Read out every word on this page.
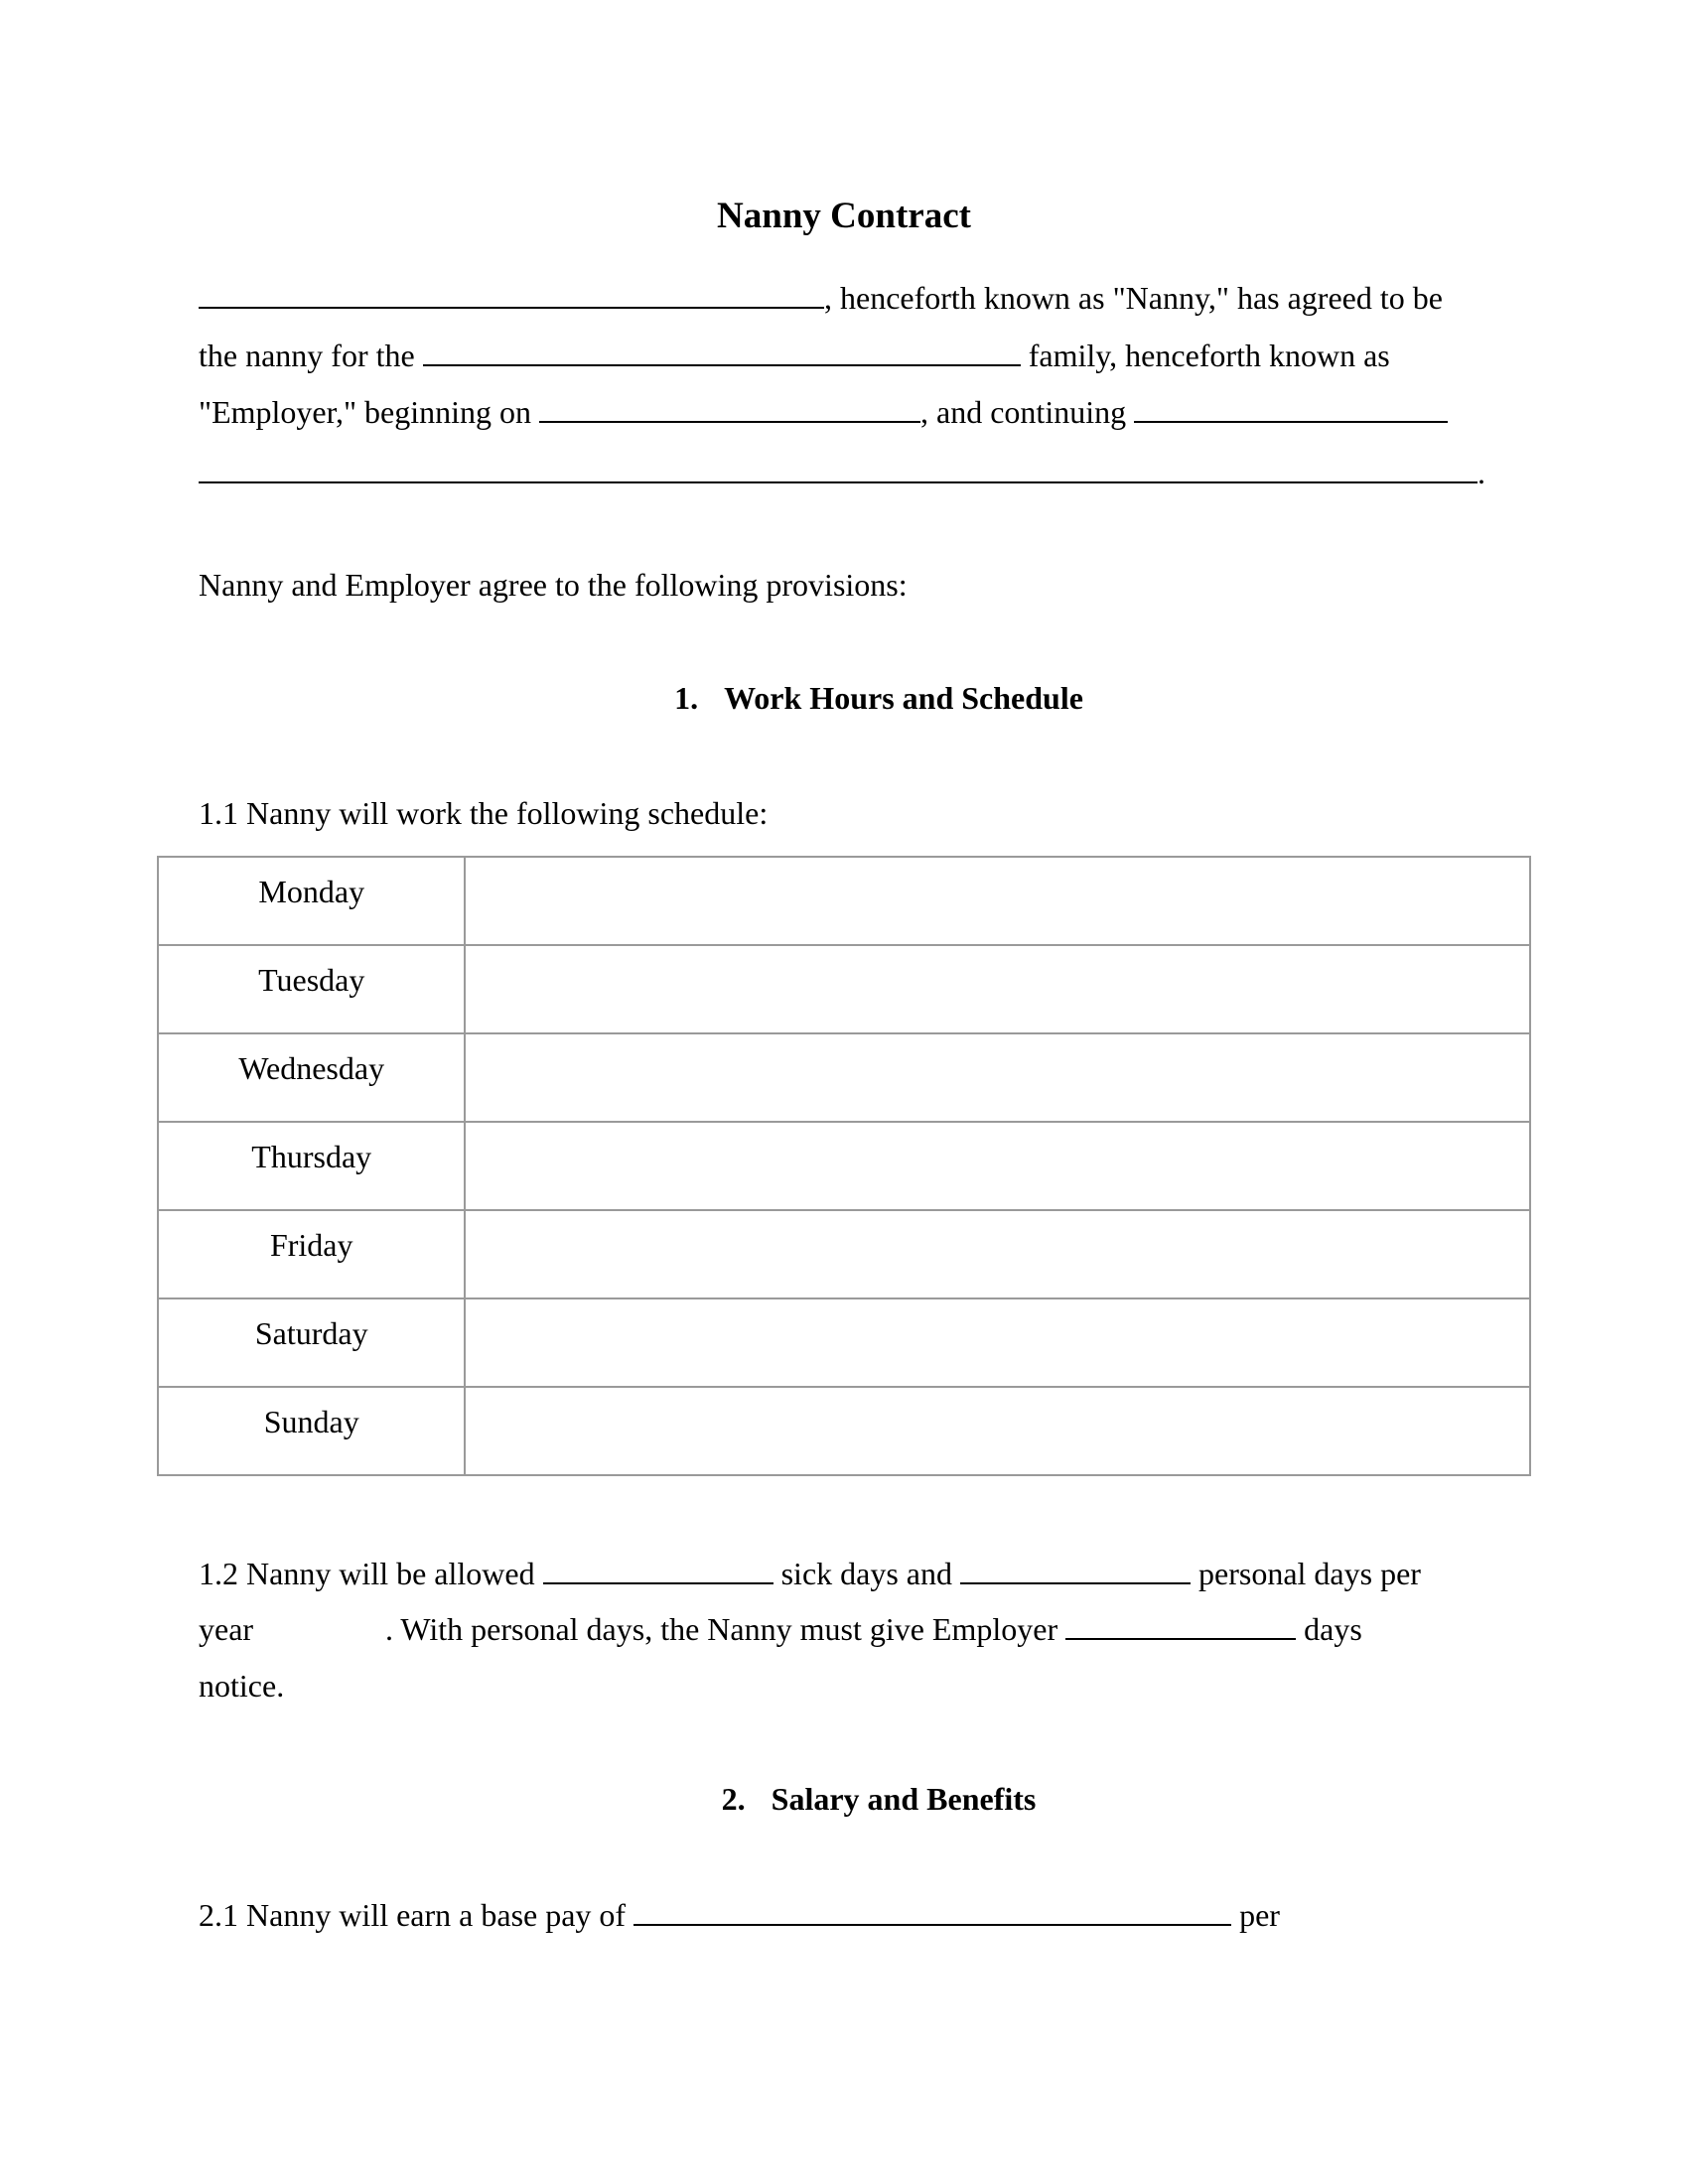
Nanny Contract
, henceforth known as "Nanny," has agreed to be
the nanny for the	family, henceforth known as
"Employer," beginning on	, and continuing
.
Nanny and Employer agree to the following provisions:
1. Work Hours and Schedule
1.1 Nanny will work the following schedule:
Monday	
Tuesday	
Wednesday	
Thursday	
Friday	
Saturday	
Sunday	
1.2 Nanny will be allowed	sick days and	personal days per
year	. With personal days, the Nanny must give Employer	days
notice.
2. Salary and Benefits
2.1 Nanny will earn a base pay of	per
